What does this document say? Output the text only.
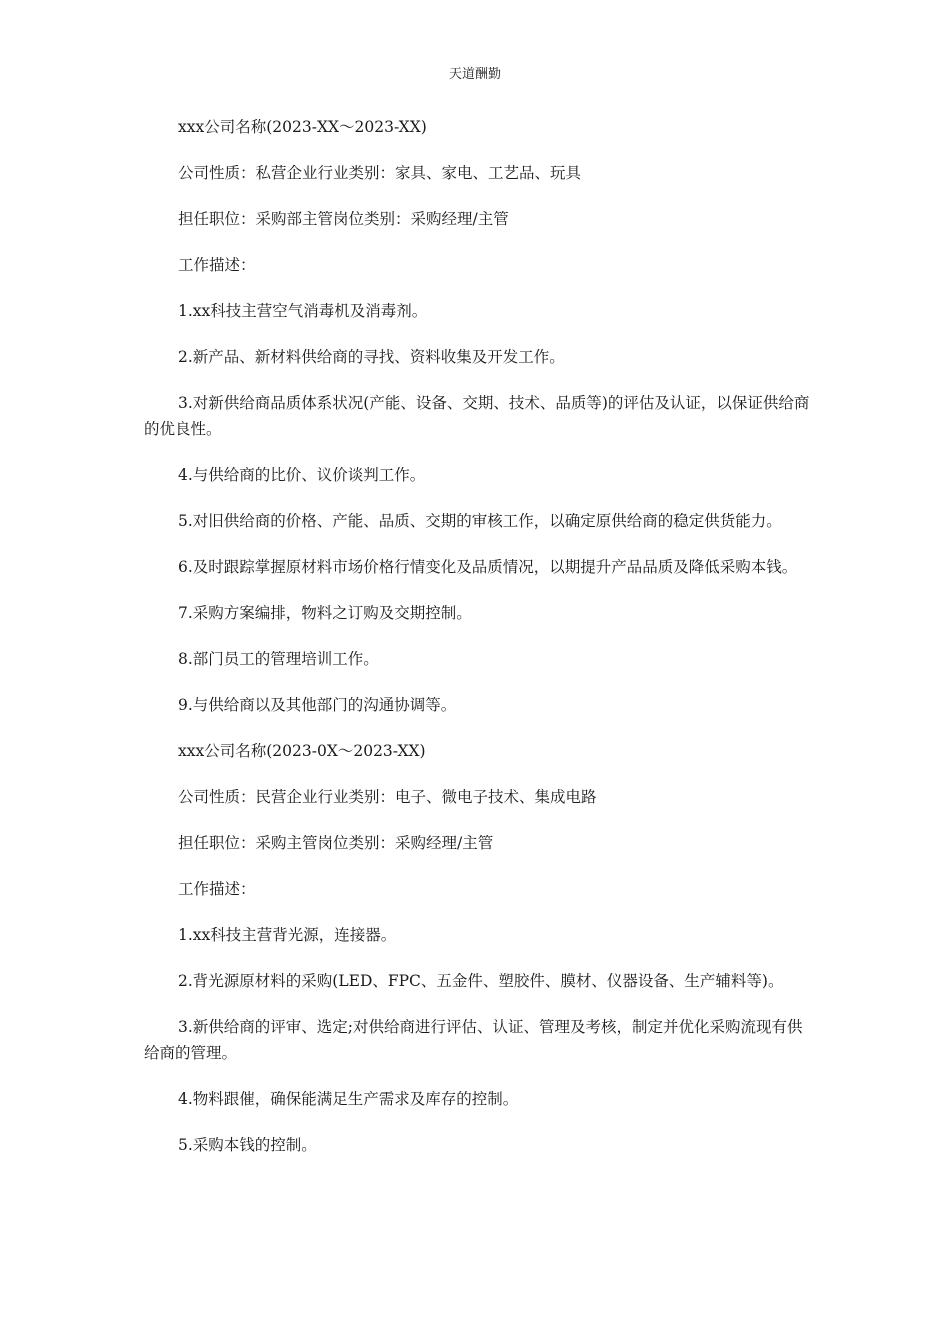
天道酬勤

xxx公司名称(2023-XX～2023-XX)

公司性质：私营企业行业类别：家具、家电、工艺品、玩具

担任职位：采购部主管岗位类别：采购经理/主管

工作描述：

1.xx科技主营空气消毒机及消毒剂。

2.新产品、新材料供给商的寻找、资料收集及开发工作。

3.对新供给商品质体系状况(产能、设备、交期、技术、品质等)的评估及认证，以保证供给商的优良性。

4.与供给商的比价、议价谈判工作。

5.对旧供给商的价格、产能、品质、交期的审核工作，以确定原供给商的稳定供货能力。

6.及时跟踪掌握原材料市场价格行情变化及品质情况，以期提升产品品质及降低采购本钱。

7.采购方案编排，物料之订购及交期控制。

8.部门员工的管理培训工作。

9.与供给商以及其他部门的沟通协调等。

xxx公司名称(2023-0X～2023-XX)

公司性质：民营企业行业类别：电子、微电子技术、集成电路

担任职位：采购主管岗位类别：采购经理/主管

工作描述：

1.xx科技主营背光源，连接器。

2.背光源原材料的采购(LED、FPC、五金件、塑胶件、膜材、仪器设备、生产辅料等)。

3.新供给商的评审、选定;对供给商进行评估、认证、管理及考核，制定并优化采购流现有供给商的管理。

4.物料跟催，确保能满足生产需求及库存的控制。

5.采购本钱的控制。
